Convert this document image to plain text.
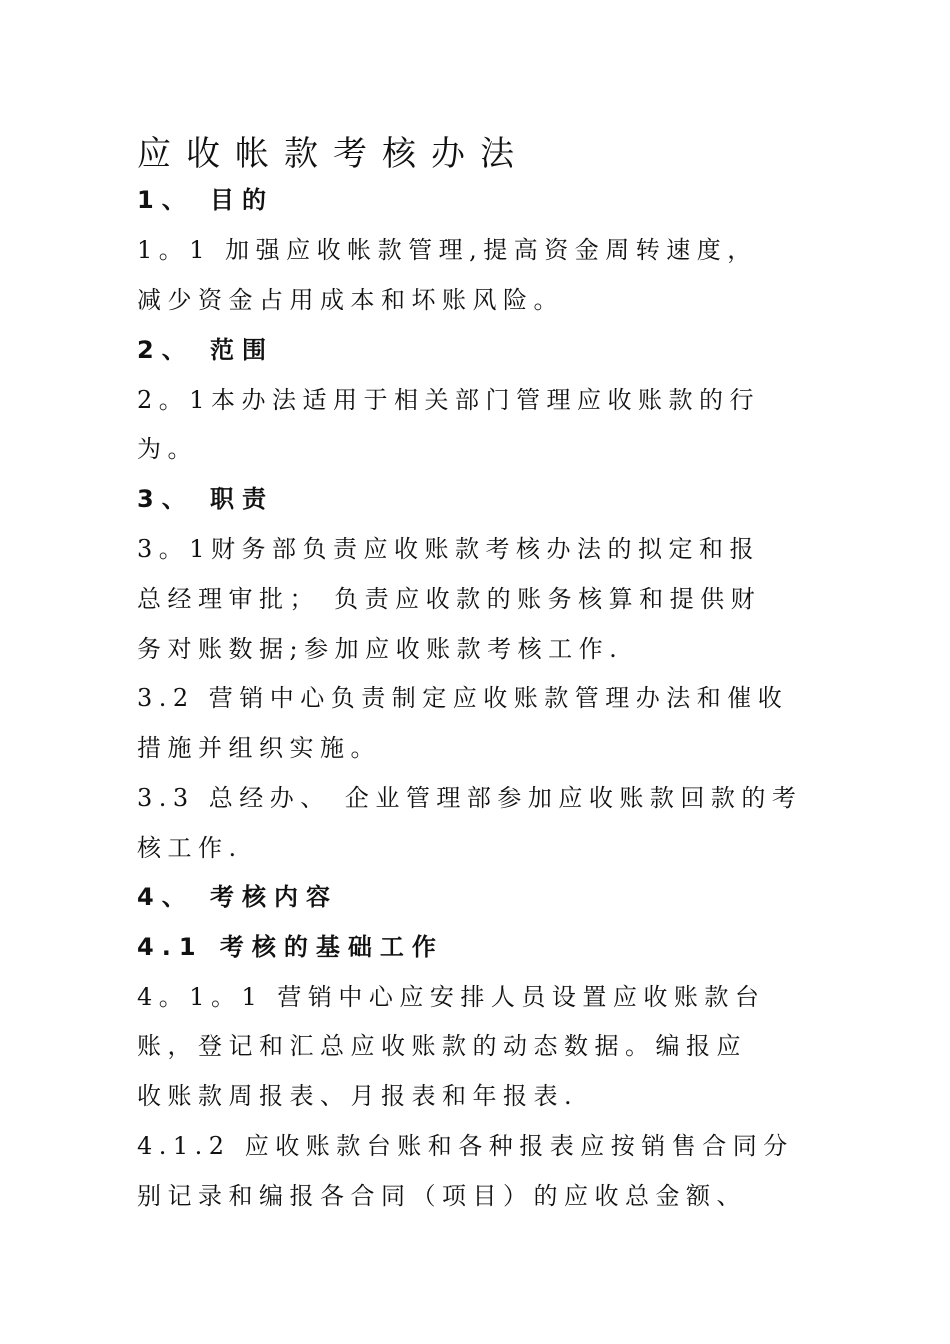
应收帐款考核办法
1、 目的
1。1 加强应收帐款管理,提高资金周转速度，
减少资金占用成本和坏账风险。
2、 范围
2。1本办法适用于相关部门管理应收账款的行
为。
3、 职责
3。1财务部负责应收账款考核办法的拟定和报
总经理审批； 负责应收款的账务核算和提供财
务对账数据;参加应收账款考核工作.
3.2 营销中心负责制定应收账款管理办法和催收
措施并组织实施。
3.3 总经办、 企业管理部参加应收账款回款的考
核工作.
4、 考核内容
4.1 考核的基础工作
4。1。1 营销中心应安排人员设置应收账款台
账，登记和汇总应收账款的动态数据。编报应
收账款周报表、月报表和年报表.
4.1.2 应收账款台账和各种报表应按销售合同分
别记录和编报各合同（项目）的应收总金额、
